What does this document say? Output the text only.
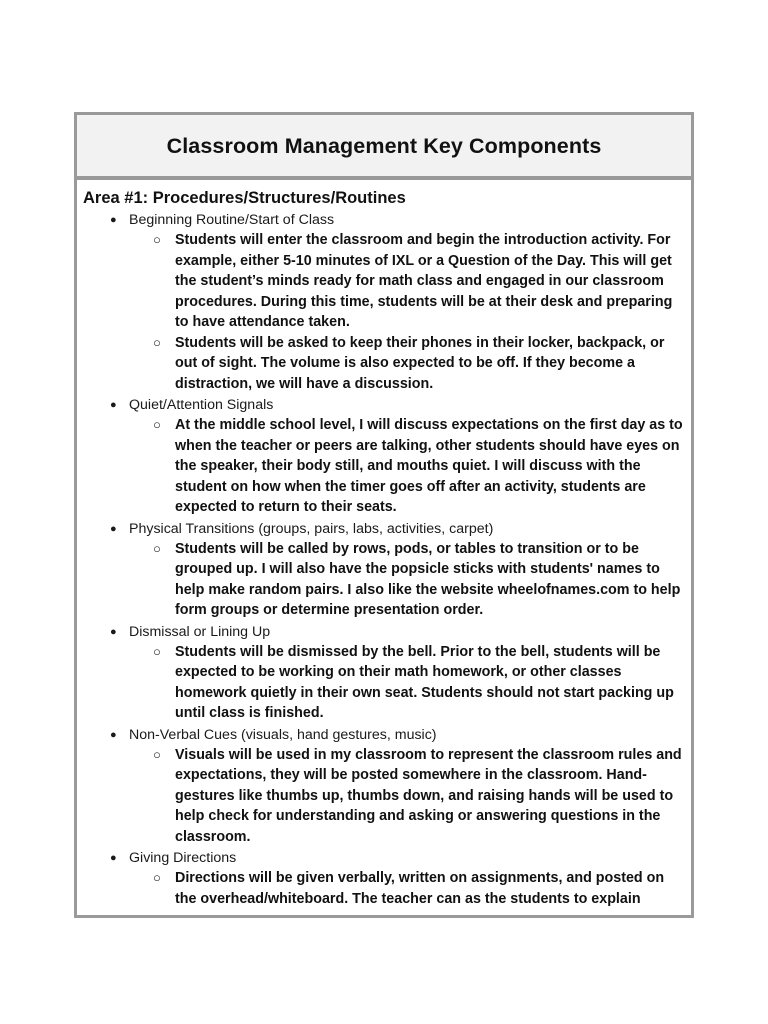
Classroom Management Key Components
Area #1: Procedures/Structures/Routines
● Beginning Routine/Start of Class
○ Students will enter the classroom and begin the introduction activity. For example, either 5-10 minutes of IXL or a Question of the Day. This will get the student’s minds ready for math class and engaged in our classroom procedures. During this time, students will be at their desk and preparing to have attendance taken.
○ Students will be asked to keep their phones in their locker, backpack, or out of sight. The volume is also expected to be off. If they become a distraction, we will have a discussion.
● Quiet/Attention Signals
○ At the middle school level, I will discuss expectations on the first day as to when the teacher or peers are talking, other students should have eyes on the speaker, their body still, and mouths quiet. I will discuss with the student on how when the timer goes off after an activity, students are expected to return to their seats.
● Physical Transitions (groups, pairs, labs, activities, carpet)
○ Students will be called by rows, pods, or tables to transition or to be grouped up. I will also have the popsicle sticks with students' names to help make random pairs. I also like the website wheelofnames.com to help form groups or determine presentation order.
● Dismissal or Lining Up
○ Students will be dismissed by the bell. Prior to the bell, students will be expected to be working on their math homework, or other classes homework quietly in their own seat. Students should not start packing up until class is finished.
● Non-Verbal Cues (visuals, hand gestures, music)
○ Visuals will be used in my classroom to represent the classroom rules and expectations, they will be posted somewhere in the classroom. Hand-gestures like thumbs up, thumbs down, and raising hands will be used to help check for understanding and asking or answering questions in the classroom.
● Giving Directions
○ Directions will be given verbally, written on assignments, and posted on the overhead/whiteboard. The teacher can as the students to explain
